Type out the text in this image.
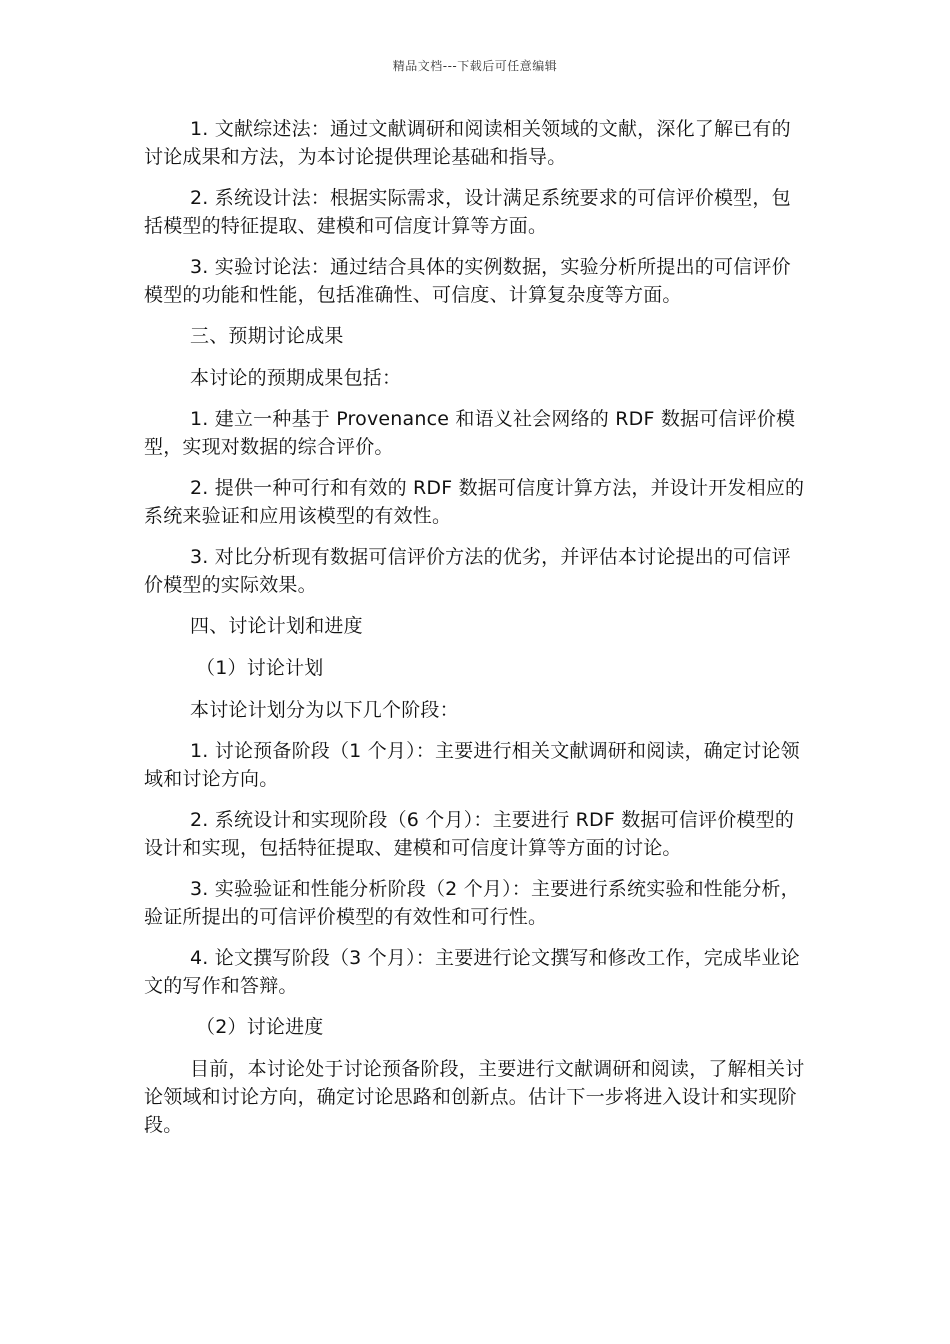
精品文档---下载后可任意编辑

1. 文献综述法：通过文献调研和阅读相关领域的文献，深化了解已有的讨论成果和方法，为本讨论提供理论基础和指导。

2. 系统设计法：根据实际需求，设计满足系统要求的可信评价模型，包括模型的特征提取、建模和可信度计算等方面。

3. 实验讨论法：通过结合具体的实例数据，实验分析所提出的可信评价模型的功能和性能，包括准确性、可信度、计算复杂度等方面。

三、预期讨论成果

本讨论的预期成果包括：

1. 建立一种基于 Provenance 和语义社会网络的 RDF 数据可信评价模型，实现对数据的综合评价。

2. 提供一种可行和有效的 RDF 数据可信度计算方法，并设计开发相应的系统来验证和应用该模型的有效性。

3. 对比分析现有数据可信评价方法的优劣，并评估本讨论提出的可信评价模型的实际效果。

四、讨论计划和进度

（1）讨论计划

本讨论计划分为以下几个阶段：

1. 讨论预备阶段（1 个月）：主要进行相关文献调研和阅读，确定讨论领域和讨论方向。

2. 系统设计和实现阶段（6 个月）：主要进行 RDF 数据可信评价模型的设计和实现，包括特征提取、建模和可信度计算等方面的讨论。

3. 实验验证和性能分析阶段（2 个月）：主要进行系统实验和性能分析，验证所提出的可信评价模型的有效性和可行性。

4. 论文撰写阶段（3 个月）：主要进行论文撰写和修改工作，完成毕业论文的写作和答辩。

（2）讨论进度

目前，本讨论处于讨论预备阶段，主要进行文献调研和阅读，了解相关讨论领域和讨论方向，确定讨论思路和创新点。估计下一步将进入设计和实现阶段。
